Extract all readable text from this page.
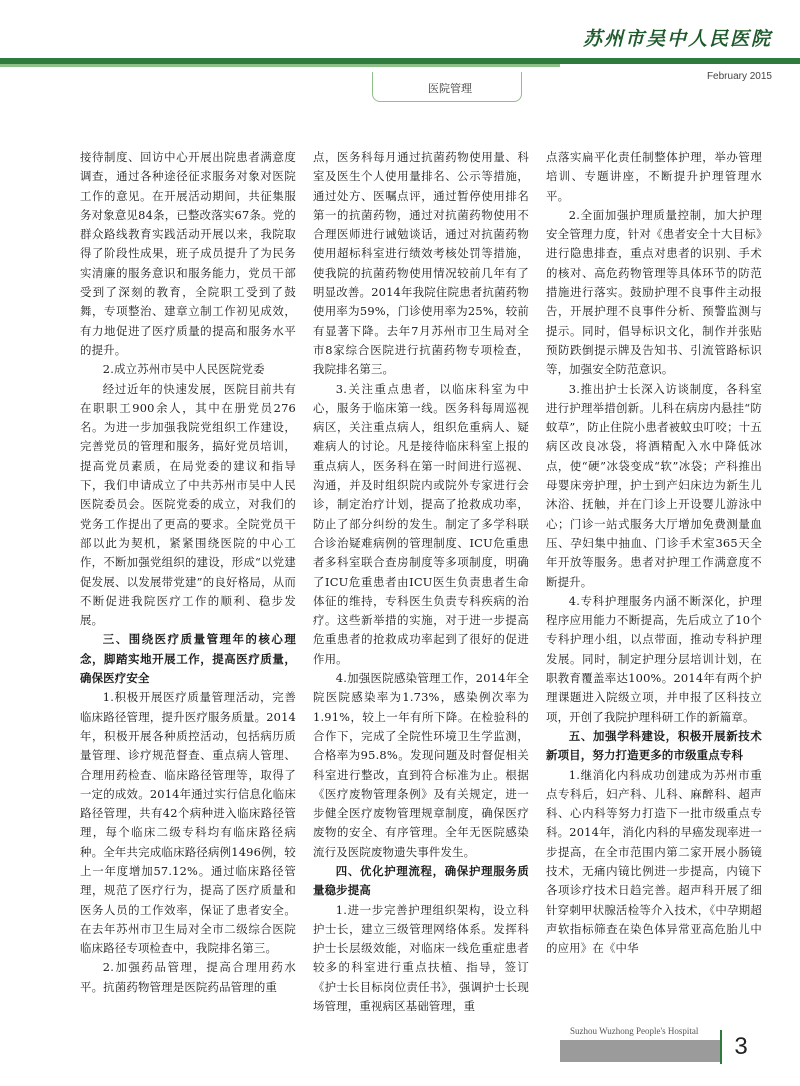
苏州市吴中人民医院
February 2015
医院管理

接待制度、回访中心开展出院患者满意度调查，通过各种途径征求服务对象对医院工作的意见。在开展活动期间，共征集服务对象意见84条，已整改落实67条。党的群众路线教育实践活动开展以来，我院取得了阶段性成果，班子成员提升了为民务实清廉的服务意识和服务能力，党员干部受到了深刻的教育，全院职工受到了鼓舞，专项整治、建章立制工作初见成效，有力地促进了医疗质量的提高和服务水平的提升。

2.成立苏州市吴中人民医院党委

经过近年的快速发展，医院目前共有在职职工900余人，其中在册党员276名。为进一步加强我院党组织工作建设，完善党员的管理和服务，搞好党员培训，提高党员素质，在局党委的建议和指导下，我们申请成立了中共苏州市吴中人民医院委员会。医院党委的成立，对我们的党务工作提出了更高的要求。全院党员干部以此为契机，紧紧围绕医院的中心工作，不断加强党组织的建设，形成“以党建促发展、以发展带党建”的良好格局，从而不断促进我院医疗工作的顺利、稳步发展。

三、围绕医疗质量管理年的核心理念，脚踏实地开展工作，提高医疗质量，确保医疗安全

1.积极开展医疗质量管理活动，完善临床路径管理，提升医疗服务质量。2014年，积极开展各种质控活动，包括病历质量管理、诊疗规范督查、重点病人管理、合理用药检查、临床路径管理等，取得了一定的成效。2014年通过实行信息化临床路径管理，共有42个病种进入临床路径管理，每个临床二级专科均有临床路径病种。全年共完成临床路径病例1496例，较上一年度增加57.12%。通过临床路径管理，规范了医疗行为，提高了医疗质量和医务人员的工作效率，保证了患者安全。在去年苏州市卫生局对全市二级综合医院临床路径专项检查中，我院排名第三。

2.加强药品管理，提高合理用药水平。抗菌药物管理是医院药品管理的重

点，医务科每月通过抗菌药物使用量、科室及医生个人使用量排名、公示等措施，通过处方、医嘱点评，通过暂停使用排名第一的抗菌药物，通过对抗菌药物使用不合理医师进行诫勉谈话，通过对抗菌药物使用超标科室进行绩效考核处罚等措施，使我院的抗菌药物使用情况较前几年有了明显改善。2014年我院住院患者抗菌药物使用率为59%，门诊使用率为25%，较前有显著下降。去年7月苏州市卫生局对全市8家综合医院进行抗菌药物专项检查，我院排名第三。

3.关注重点患者，以临床科室为中心，服务于临床第一线。医务科每周巡视病区，关注重点病人，组织危重病人、疑难病人的讨论。凡是接待临床科室上报的重点病人，医务科在第一时间进行巡视、沟通，并及时组织院内或院外专家进行会诊，制定治疗计划，提高了抢救成功率，防止了部分纠纷的发生。制定了多学科联合诊治疑难病例的管理制度、ICU危重患者多科室联合查房制度等多项制度，明确了ICU危重患者由ICU医生负责患者生命体征的维持，专科医生负责专科疾病的治疗。这些新举措的实施，对于进一步提高危重患者的抢救成功率起到了很好的促进作用。

4.加强医院感染管理工作，2014年全院医院感染率为1.73%，感染例次率为1.91%，较上一年有所下降。在检验科的合作下，完成了全院性环境卫生学监测，合格率为95.8%。发现问题及时督促相关科室进行整改，直到符合标准为止。根据《医疗废物管理条例》及有关规定，进一步健全医疗废物管理规章制度，确保医疗废物的安全、有序管理。全年无医院感染流行及医院废物遗失事件发生。

四、优化护理流程，确保护理服务质量稳步提高

1.进一步完善护理组织架构，设立科护士长，建立三级管理网络体系。发挥科护士长层级效能，对临床一线危重症患者较多的科室进行重点扶植、指导，签订《护士长目标岗位责任书》，强调护士长现场管理，重视病区基础管理，重

点落实扁平化责任制整体护理，举办管理培训、专题讲座，不断提升护理管理水平。

2.全面加强护理质量控制，加大护理安全管理力度，针对《患者安全十大目标》进行隐患排查，重点对患者的识别、手术的核对、高危药物管理等具体环节的防范措施进行落实。鼓励护理不良事件主动报告，开展护理不良事件分析、预警监测与提示。同时，倡导标识文化，制作并张贴预防跌倒提示牌及告知书、引流管路标识等，加强安全防范意识。

3.推出护士长深入访谈制度，各科室进行护理举措创新。儿科在病房内悬挂“防蚊草”，防止住院小患者被蚊虫叮咬；十五病区改良冰袋，将酒精配入水中降低冰点，使“硬”冰袋变成“软”冰袋；产科推出母婴床旁护理，护士到产妇床边为新生儿沐浴、抚触，并在门诊上开设婴儿游泳中心；门诊一站式服务大厅增加免费测量血压、孕妇集中抽血、门诊手术室365天全年开放等服务。患者对护理工作满意度不断提升。

4.专科护理服务内涵不断深化，护理程序应用能力不断提高，先后成立了10个专科护理小组，以点带面，推动专科护理发展。同时，制定护理分层培训计划，在职教育覆盖率达100%。2014年有两个护理课题进入院级立项，并申报了区科技立项，开创了我院护理科研工作的新篇章。

五、加强学科建设，积极开展新技术新项目，努力打造更多的市级重点专科

1.继消化内科成功创建成为苏州市重点专科后，妇产科、儿科、麻醉科、超声科、心内科等努力打造下一批市级重点专科。2014年，消化内科的早癌发现率进一步提高，在全市范围内第二家开展小肠镜技术，无痛内镜比例进一步提高，内镜下各项诊疗技术日趋完善。超声科开展了细针穿刺甲状腺活检等介入技术，《中孕期超声软指标筛查在染色体异常亚高危胎儿中的应用》在《中华

Suzhou Wuzhong People's Hospital
3
